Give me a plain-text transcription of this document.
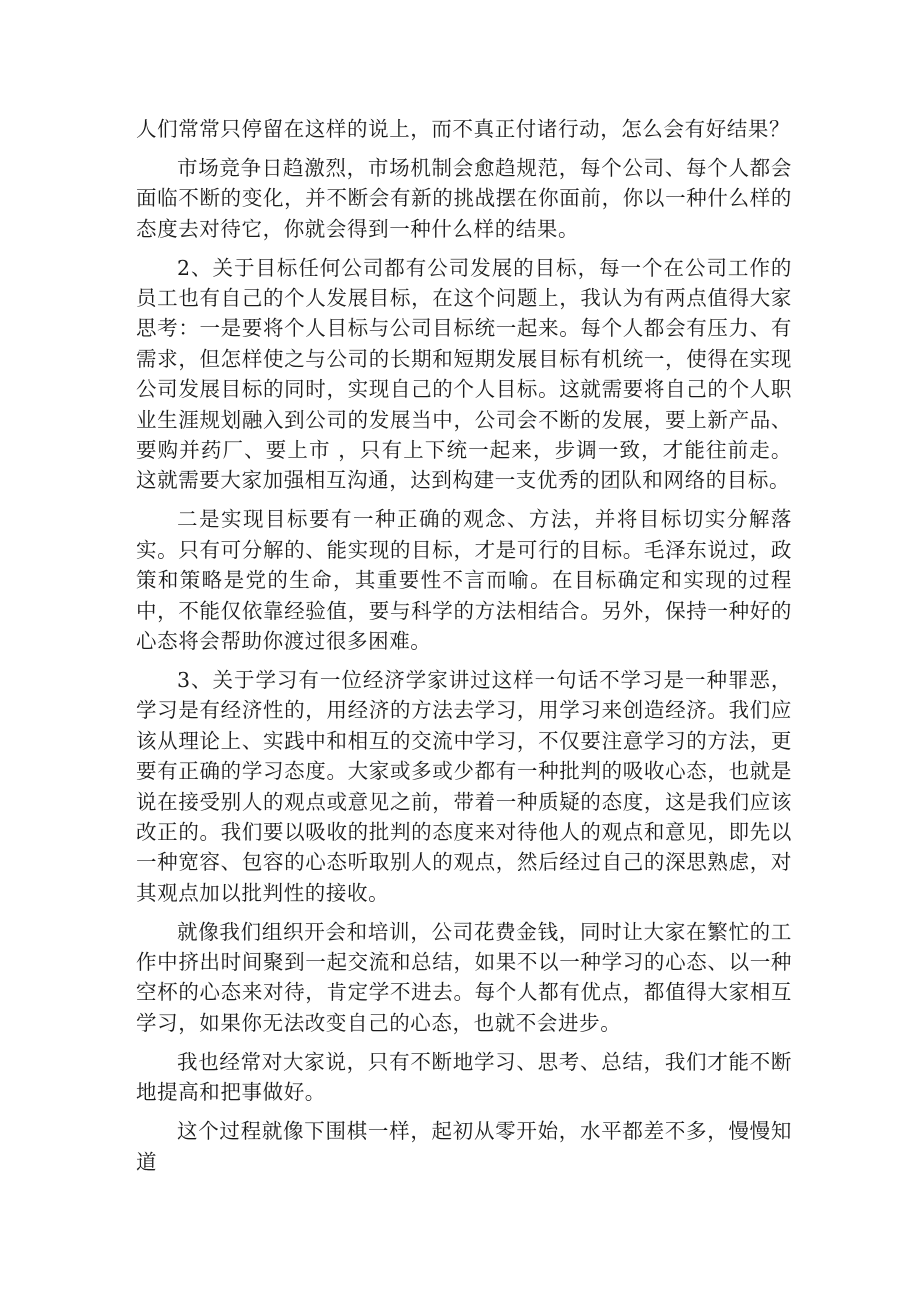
人们常常只停留在这样的说上，而不真正付诸行动，怎么会有好结果？

市场竞争日趋激烈，市场机制会愈趋规范，每个公司、每个人都会面临不断的变化，并不断会有新的挑战摆在你面前，你以一种什么样的态度去对待它，你就会得到一种什么样的结果。

2、关于目标任何公司都有公司发展的目标，每一个在公司工作的员工也有自己的个人发展目标，在这个问题上，我认为有两点值得大家思考：一是要将个人目标与公司目标统一起来。每个人都会有压力、有需求，但怎样使之与公司的长期和短期发展目标有机统一，使得在实现公司发展目标的同时，实现自己的个人目标。这就需要将自己的个人职业生涯规划融入到公司的发展当中，公司会不断的发展，要上新产品、要购并药厂、要上市 ，只有上下统一起来，步调一致，才能往前走。这就需要大家加强相互沟通，达到构建一支优秀的团队和网络的目标。

二是实现目标要有一种正确的观念、方法，并将目标切实分解落实。只有可分解的、能实现的目标，才是可行的目标。毛泽东说过，政策和策略是党的生命，其重要性不言而喻。在目标确定和实现的过程中，不能仅依靠经验值，要与科学的方法相结合。另外，保持一种好的心态将会帮助你渡过很多困难。

3、关于学习有一位经济学家讲过这样一句话不学习是一种罪恶，学习是有经济性的，用经济的方法去学习，用学习来创造经济。我们应该从理论上、实践中和相互的交流中学习，不仅要注意学习的方法，更要有正确的学习态度。大家或多或少都有一种批判的吸收心态，也就是说在接受别人的观点或意见之前，带着一种质疑的态度，这是我们应该改正的。我们要以吸收的批判的态度来对待他人的观点和意见，即先以一种宽容、包容的心态听取别人的观点，然后经过自己的深思熟虑，对其观点加以批判性的接收。

就像我们组织开会和培训，公司花费金钱，同时让大家在繁忙的工作中挤出时间聚到一起交流和总结，如果不以一种学习的心态、以一种空杯的心态来对待，肯定学不进去。每个人都有优点，都值得大家相互学习，如果你无法改变自己的心态，也就不会进步。

我也经常对大家说，只有不断地学习、思考、总结，我们才能不断地提高和把事做好。

这个过程就像下围棋一样，起初从零开始，水平都差不多，慢慢知道
